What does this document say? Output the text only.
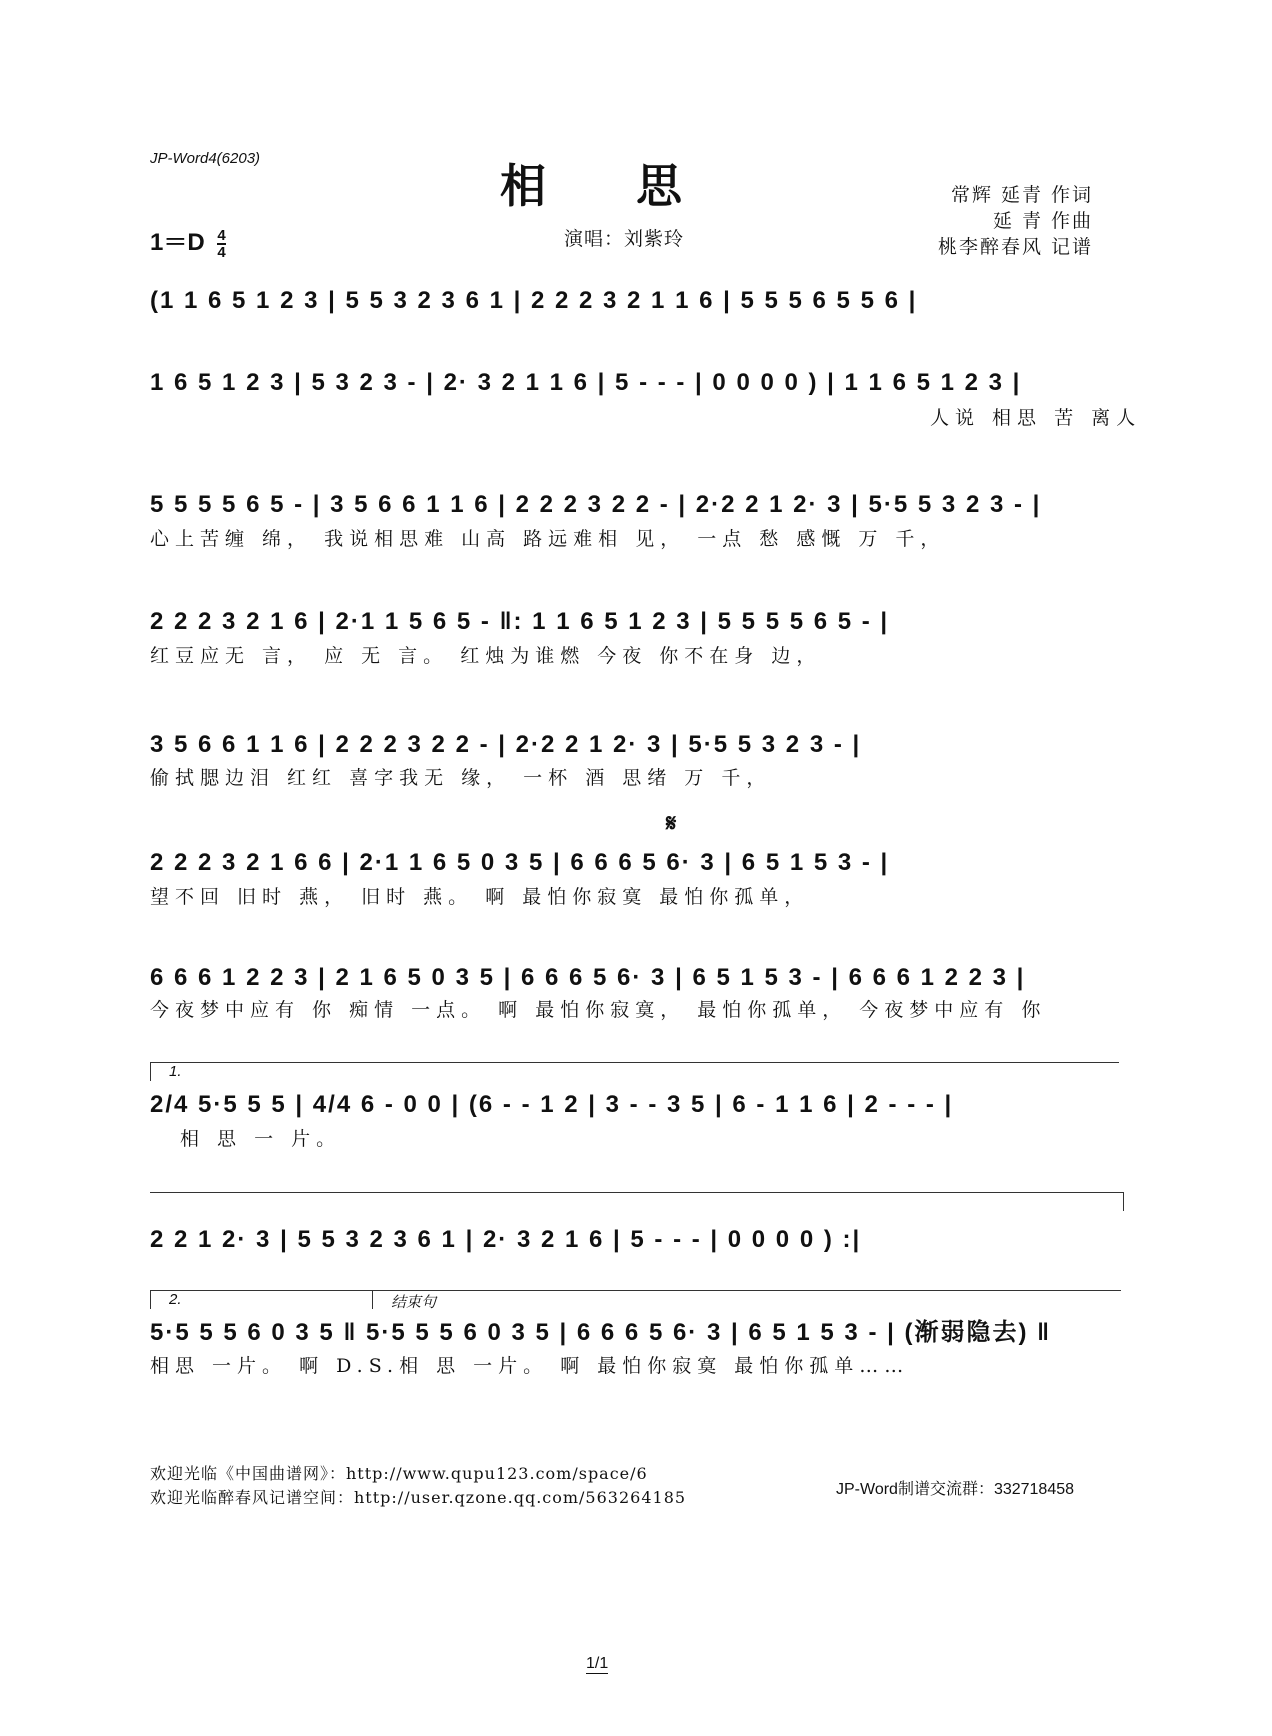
JP-Word4(6203)
相思	常辉 延青 作词
延 青 作曲
桃李醉春风 记谱
$1=D \frac{4}{4}$	演唱：刘紫玲
(1 1 6 5 1 2 3 | 5 5 3 2 3 6 1 | 2 2 2 3 2 1 1 6 | 5 5 5 6 5 5 6 |
1 6 5 1 2 3 | 5 3 2 3 - | 2· 3 2 1 1 6 | 5 - - - | 0 0 0 0 ) | 1 1 6 5 1 2 3 |
人说 相思 苦 离人
5 5 5 5 6 5 - | 3 5 6 6 1 1 6 | 2 2 2 3 2 2 - | 2·2 2 1 2· 3 | 5·5 5 3 2 3 - |
心上苦缠 绵， 我说相思难 山高 路远难相 见， 一点 愁 感慨 万 千，
2 2 2 3 2 1 6 | 2·1 1 5 6 5 - ‖: 1 1 6 5 1 2 3 | 5 5 5 5 6 5 - |
红豆应无 言， 应 无 言。 红烛为谁燃 今夜 你不在身 边，
3 5 6 6 1 1 6 | 2 2 2 3 2 2 - | 2·2 2 1 2· 3 | 5·5 5 3 2 3 - |
偷拭腮边泪 红红 喜字我无 缘， 一杯 酒 思绪 万 千，
𝄋
2 2 2 3 2 1 6 6 | 2·1 1 6 5 0 3 5 | 6 6 6 5 6· 3 | 6 5 1 5 3 - |
望不回 旧时 燕， 旧时 燕。 啊 最怕你寂寞 最怕你孤单，
6 6 6 1 2 2 3 | 2 1 6 5 0 3 5 | 6 6 6 5 6· 3 | 6 5 1 5 3 - | 6 6 6 1 2 2 3 |
今夜梦中应有 你 痴情 一点。 啊 最怕你寂寞， 最怕你孤单， 今夜梦中应有 你
1.
2/4 5·5 5 5 | 4/4 6 - 0 0 | (6 - - 1 2 | 3 - - 3 5 | 6 - 1 1 6 | 2 - - - |
相 思 一 片。
2 2 1 2· 3 | 5 5 3 2 3 6 1 | 2· 3 2 1 6 | 5 - - - | 0 0 0 0 ) :|
2.	结束句
5·5 5 5 6 0 3 5 ‖ 5·5 5 5 6 0 3 5 | 6 6 6 5 6· 3 | 6 5 1 5 3 - | (渐弱隐去) ‖
相思 一片。 啊 D.S.相 思 一片。 啊 最怕你寂寞 最怕你孤单……
欢迎光临《中国曲谱网》：http://www.qupu123.com/space/6
欢迎光临醉春风记谱空间：http://user.qzone.qq.com/563264185	JP-Word制谱交流群：332718458
1/1
